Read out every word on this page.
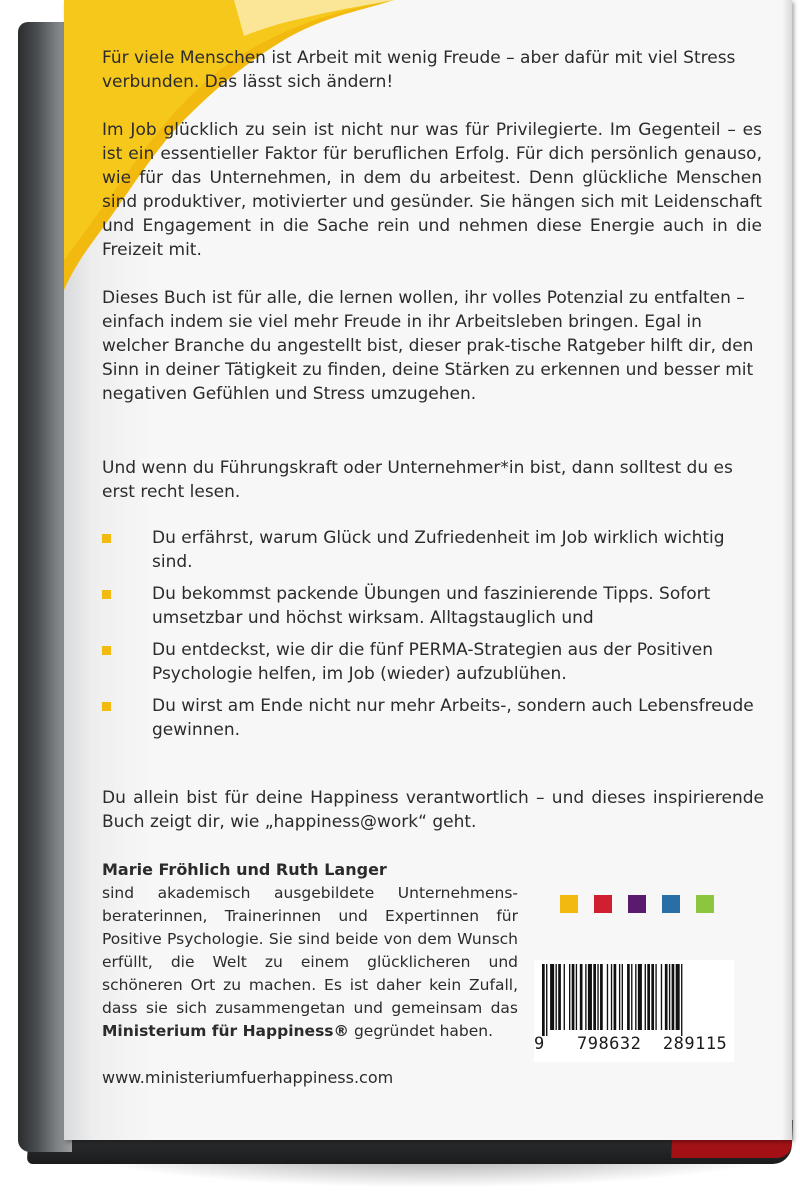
Für viele Menschen ist Arbeit mit wenig Freude – aber dafür mit viel Stress verbunden. Das lässt sich ändern!

Im Job glücklich zu sein ist nicht nur was für Privilegierte. Im Gegenteil – es ist ein essentieller Faktor für beruflichen Erfolg. Für dich persönlich genauso, wie für das Unternehmen, in dem du arbeitest. Denn glückliche Menschen sind produktiver, motivierter und gesünder. Sie hängen sich mit Leidenschaft und Engagement in die Sache rein und nehmen diese Energie auch in die Freizeit mit.

Dieses Buch ist für alle, die lernen wollen, ihr volles Potenzial zu entfalten – einfach indem sie viel mehr Freude in ihr Arbeitsleben bringen. Egal in welcher Branche du angestellt bist, dieser prak-tische Ratgeber hilft dir, den Sinn in deiner Tätigkeit zu finden, deine Stärken zu erkennen und besser mit negativen Gefühlen und Stress umzugehen.

Und wenn du Führungskraft oder Unternehmer*in bist, dann solltest du es erst recht lesen.

Du erfährst, warum Glück und Zufriedenheit im Job wirklich wichtig sind.
Du bekommst packende Übungen und faszinierende Tipps. Sofort umsetzbar und höchst wirksam. Alltagstauglich und
Du entdeckst, wie dir die fünf PERMA-Strategien aus der Positiven Psychologie helfen, im Job (wieder) aufzublühen.
Du wirst am Ende nicht nur mehr Arbeits-, sondern auch Lebensfreude gewinnen.

Du allein bist für deine Happiness verantwortlich – und dieses inspirierende Buch zeigt dir, wie „happiness@work“ geht.

Marie Fröhlich und Ruth Langer

sind akademisch ausgebildete Unternehmens-beraterinnen, Trainerinnen und Expertinnen für Positive Psychologie. Sie sind beide von dem Wunsch erfüllt, die Welt zu einem glücklicheren und schöneren Ort zu machen. Es ist daher kein Zufall, dass sie sich zusammengetan und gemeinsam das Ministerium für Happiness® gegründet haben.

www.ministeriumfuerhappiness.com

9 798632 289115
